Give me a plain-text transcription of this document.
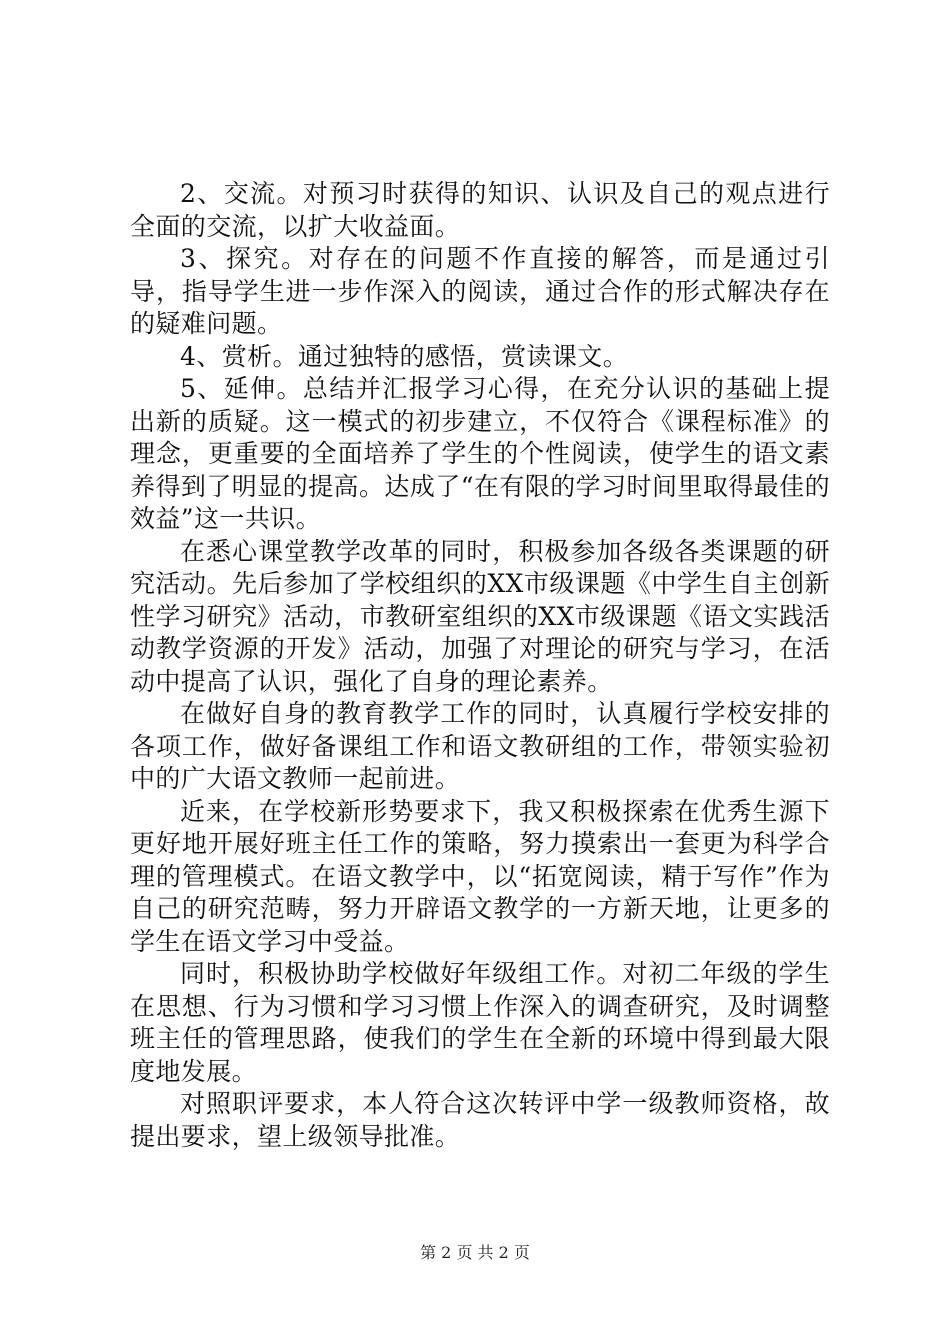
2、交流。对预习时获得的知识、认识及自己的观点进行全面的交流，以扩大收益面。

3、探究。对存在的问题不作直接的解答，而是通过引导，指导学生进一步作深入的阅读，通过合作的形式解决存在的疑难问题。

4、赏析。通过独特的感悟，赏读课文。

5、延伸。总结并汇报学习心得，在充分认识的基础上提出新的质疑。这一模式的初步建立，不仅符合《课程标准》的理念，更重要的全面培养了学生的个性阅读，使学生的语文素养得到了明显的提高。达成了“在有限的学习时间里取得最佳的效益”这一共识。

在悉心课堂教学改革的同时，积极参加各级各类课题的研究活动。先后参加了学校组织的XX市级课题《中学生自主创新性学习研究》活动，市教研室组织的XX市级课题《语文实践活动教学资源的开发》活动，加强了对理论的研究与学习，在活动中提高了认识，强化了自身的理论素养。

在做好自身的教育教学工作的同时，认真履行学校安排的各项工作，做好备课组工作和语文教研组的工作，带领实验初中的广大语文教师一起前进。

近来，在学校新形势要求下，我又积极探索在优秀生源下更好地开展好班主任工作的策略，努力摸索出一套更为科学合理的管理模式。在语文教学中，以“拓宽阅读，精于写作”作为自己的研究范畴，努力开辟语文教学的一方新天地，让更多的学生在语文学习中受益。

同时，积极协助学校做好年级组工作。对初二年级的学生在思想、行为习惯和学习习惯上作深入的调查研究，及时调整班主任的管理思路，使我们的学生在全新的环境中得到最大限度地发展。

对照职评要求，本人符合这次转评中学一级教师资格，故提出要求，望上级领导批准。

第 2 页 共 2 页
